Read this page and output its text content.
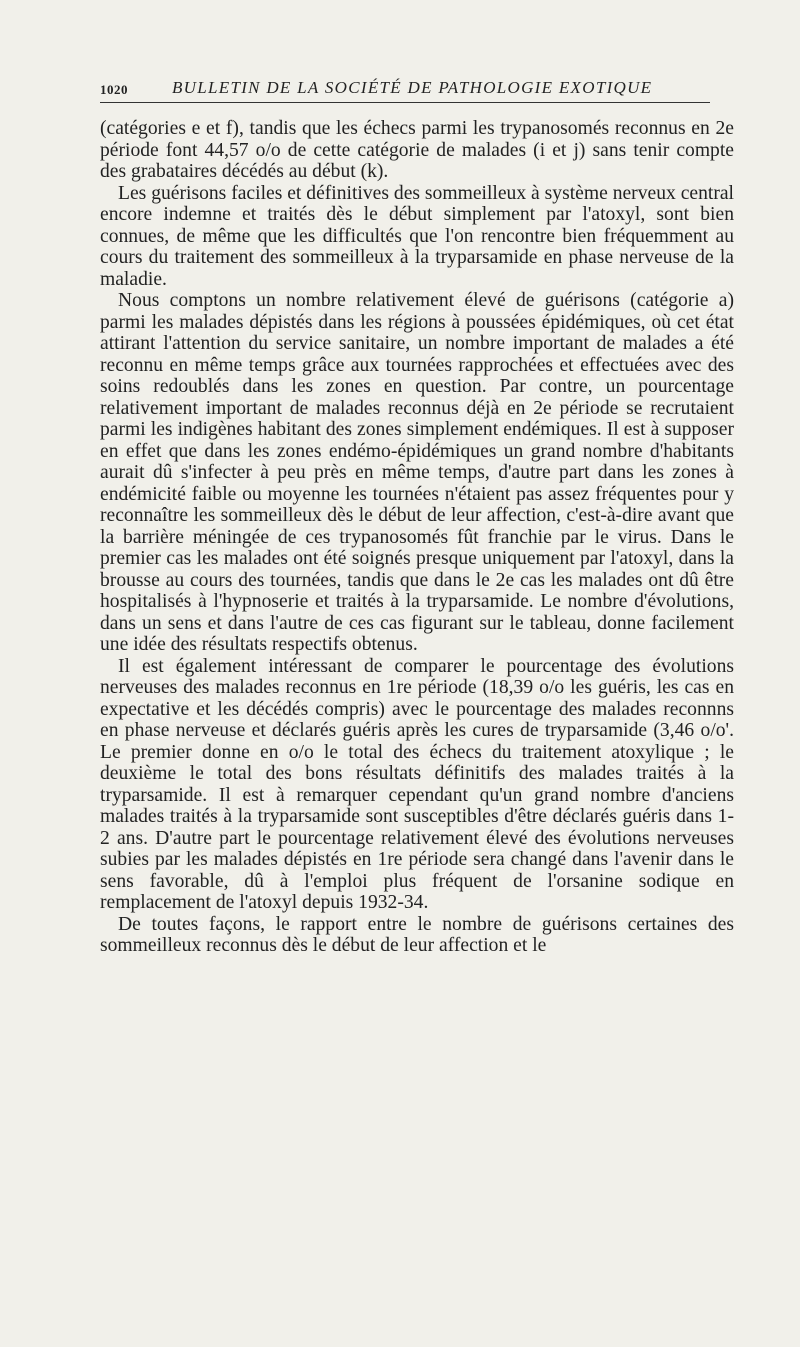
1020	BULLETIN DE LA SOCIÉTÉ DE PATHOLOGIE EXOTIQUE

(catégories e et f), tandis que les échecs parmi les trypanosomés reconnus en 2e période font 44,57 o/o de cette catégorie de malades (i et j) sans tenir compte des grabataires décédés au début (k).

Les guérisons faciles et définitives des sommeilleux à système nerveux central encore indemne et traités dès le début simplement par l'atoxyl, sont bien connues, de même que les difficultés que l'on rencontre bien fréquemment au cours du traitement des sommeilleux à la tryparsamide en phase nerveuse de la maladie.

Nous comptons un nombre relativement élevé de guérisons (catégorie a) parmi les malades dépistés dans les régions à poussées épidémiques, où cet état attirant l'attention du service sanitaire, un nombre important de malades a été reconnu en même temps grâce aux tournées rapprochées et effectuées avec des soins redoublés dans les zones en question. Par contre, un pourcentage relativement important de malades reconnus déjà en 2e période se recrutaient parmi les indigènes habitant des zones simplement endémiques. Il est à supposer en effet que dans les zones endémo-épidémiques un grand nombre d'habitants aurait dû s'infecter à peu près en même temps, d'autre part dans les zones à endémicité faible ou moyenne les tournées n'étaient pas assez fréquentes pour y reconnaître les sommeilleux dès le début de leur affection, c'est-à-dire avant que la barrière méningée de ces trypanosomés fût franchie par le virus. Dans le premier cas les malades ont été soignés presque uniquement par l'atoxyl, dans la brousse au cours des tournées, tandis que dans le 2e cas les malades ont dû être hospitalisés à l'hypnoserie et traités à la tryparsamide. Le nombre d'évolutions, dans un sens et dans l'autre de ces cas figurant sur le tableau, donne facilement une idée des résultats respectifs obtenus.

Il est également intéressant de comparer le pourcentage des évolutions nerveuses des malades reconnus en 1re période (18,39 o/o les guéris, les cas en expectative et les décédés compris) avec le pourcentage des malades reconnns en phase nerveuse et déclarés guéris après les cures de tryparsamide (3,46 o/o'. Le premier donne en o/o le total des échecs du traitement atoxylique ; le deuxième le total des bons résultats définitifs des malades traités à la tryparsamide. Il est à remarquer cependant qu'un grand nombre d'anciens malades traités à la tryparsamide sont susceptibles d'être déclarés guéris dans 1-2 ans. D'autre part le pourcentage relativement élevé des évolutions nerveuses subies par les malades dépistés en 1re période sera changé dans l'avenir dans le sens favorable, dû à l'emploi plus fréquent de l'orsanine sodique en remplacement de l'atoxyl depuis 1932-34.

De toutes façons, le rapport entre le nombre de guérisons certaines des sommeilleux reconnus dès le début de leur affection et le
